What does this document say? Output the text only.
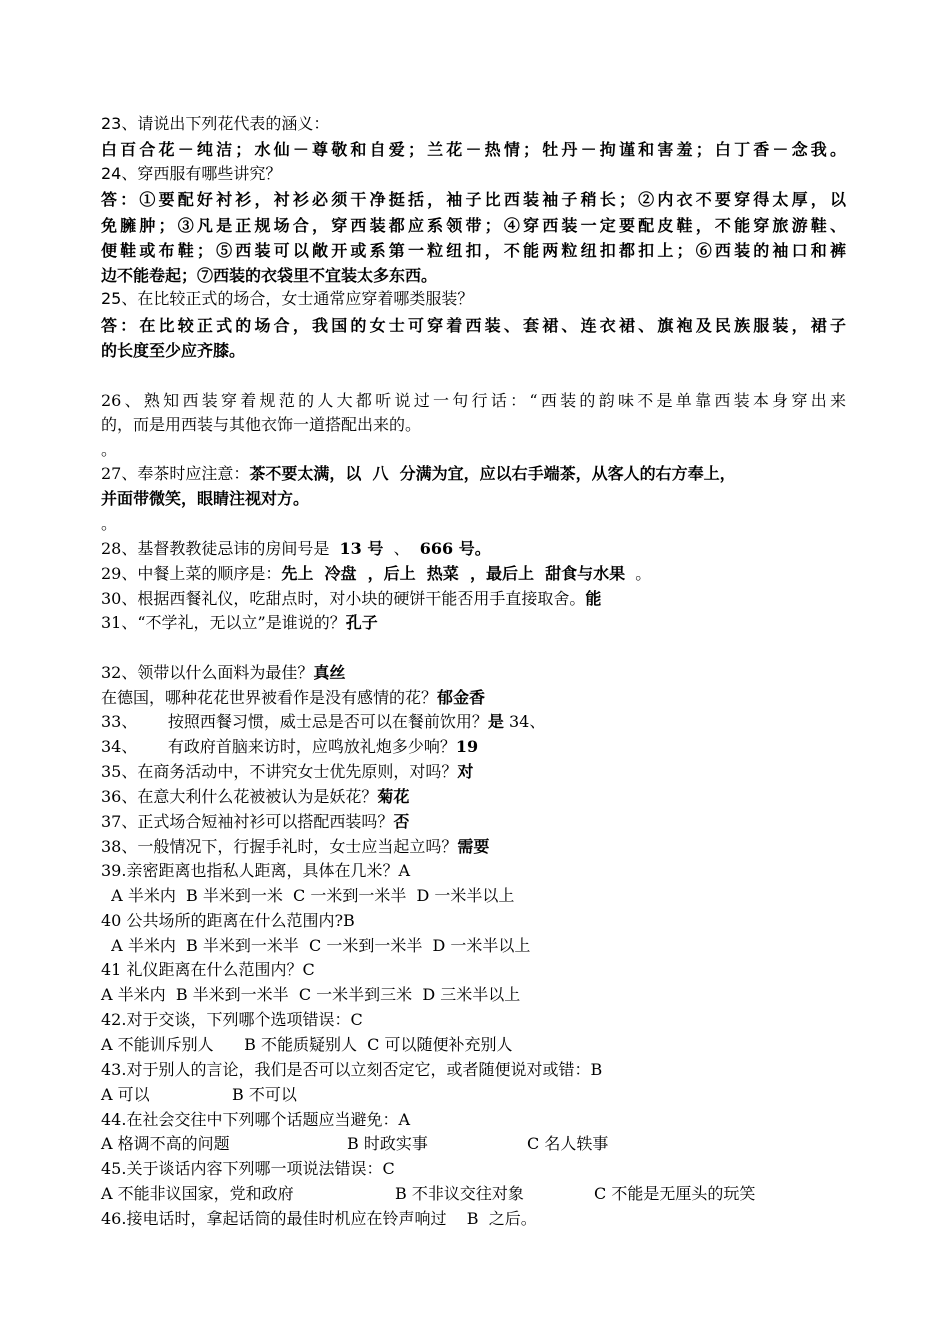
23、请说出下列花代表的涵义：
白百合花－纯洁；水仙－尊敬和自爱；兰花－热情；牡丹－拘谨和害羞；白丁香－念我。
24、穿西服有哪些讲究？
答：①要配好衬衫，衬衫必须干净挺括，袖子比西装袖子稍长；②内衣不要穿得太厚，以
免臃肿；③凡是正规场合，穿西装都应系领带；④穿西装一定要配皮鞋，不能穿旅游鞋、
便鞋或布鞋；⑤西装可以敞开或系第一粒纽扣，不能两粒纽扣都扣上；⑥西装的袖口和裤
边不能卷起；⑦西装的衣袋里不宜装太多东西。
25、在比较正式的场合，女士通常应穿着哪类服装？
答：在比较正式的场合，我国的女士可穿着西装、套裙、连衣裙、旗袍及民族服装，裙子
的长度至少应齐膝。
26、熟知西装穿着规范的人大都听说过一句行话：“西装的韵味不是单靠西装本身穿出来
的，而是用西装与其他衣饰一道搭配出来的。
。
27、奉茶时应注意：茶不要太满，以  八  分满为宜，应以右手端茶，从客人的右方奉上，
并面带微笑，眼睛注视对方。
。
28、基督教教徒忌讳的房间号是  13 号  、  666 号。
29、中餐上菜的顺序是：先上  冷盘  ，后上  热菜  ，最后上  甜食与水果  。
30、根据西餐礼仪，吃甜点时，对小块的硬饼干能否用手直接取舍。能
31、“不学礼，无以立”是谁说的？孔子
32、领带以什么面料为最佳？真丝
在德国，哪种花花世界被看作是没有感情的花？郁金香
33、      按照西餐习惯，威士忌是否可以在餐前饮用？是 34、
34、      有政府首脑来访时，应鸣放礼炮多少响？19
35、在商务活动中，不讲究女士优先原则，对吗？对
36、在意大利什么花被被认为是妖花？菊花
37、正式场合短袖衬衫可以搭配西装吗？否
38、一般情况下，行握手礼时，女士应当起立吗？需要
39.亲密距离也指私人距离，具体在几米？A
A 半米内  B 半米到一米  C 一米到一米半  D 一米半以上
40 公共场所的距离在什么范围内?B
A 半米内  B 半米到一米半  C 一米到一米半  D 一米半以上
41 礼仪距离在什么范围内？C
A 半米内  B 半米到一米半  C 一米半到三米  D 三米半以上
42.对于交谈，下列哪个选项错误：C
A 不能训斥别人      B 不能质疑别人  C 可以随便补充别人
43.对于别人的言论，我们是否可以立刻否定它，或者随便说对或错：B
A 可以	B 不可以
44.在社会交往中下列哪个话题应当避免：A
A 格调不高的问题	B 时政实事	C 名人轶事
45.关于谈话内容下列哪一项说法错误：C
A 不能非议国家，党和政府	B 不非议交往对象	C 不能是无厘头的玩笑
46.接电话时，拿起话筒的最佳时机应在铃声响过    B  之后。
